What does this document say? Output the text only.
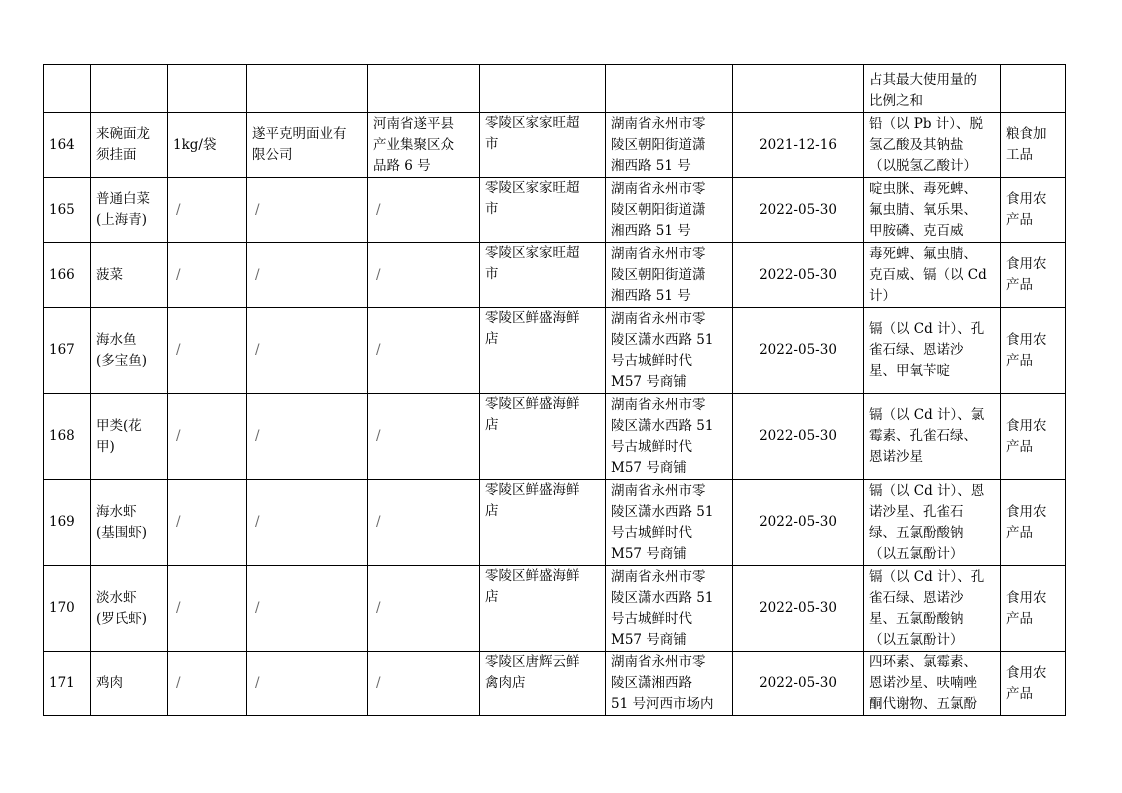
								占其最大使用量的
比例之和	
164	来碗面龙
须挂面	1kg/袋	遂平克明面业有
限公司	河南省遂平县
产业集聚区众
品路 6 号	零陵区家家旺超
市	湖南省永州市零
陵区朝阳街道潇
湘西路 51 号	2021-12-16	铅（以 Pb 计）、脱
氢乙酸及其钠盐
（以脱氢乙酸计）	粮食加
工品
165	普通白菜
(上海青)	/	/	/	零陵区家家旺超
市	湖南省永州市零
陵区朝阳街道潇
湘西路 51 号	2022-05-30	啶虫脒、毒死蜱、
氟虫腈、氧乐果、
甲胺磷、克百威	食用农
产品
166	菠菜	/	/	/	零陵区家家旺超
市	湖南省永州市零
陵区朝阳街道潇
湘西路 51 号	2022-05-30	毒死蜱、氟虫腈、
克百威、镉（以 Cd
计）	食用农
产品
167	海水鱼
(多宝鱼)	/	/	/	零陵区鲜盛海鲜
店	湖南省永州市零
陵区潇水西路 51
号古城鲜时代
M57 号商铺	2022-05-30	镉（以 Cd 计）、孔
雀石绿、恩诺沙
星、甲氧苄啶	食用农
产品
168	甲类(花
甲)	/	/	/	零陵区鲜盛海鲜
店	湖南省永州市零
陵区潇水西路 51
号古城鲜时代
M57 号商铺	2022-05-30	镉（以 Cd 计）、氯
霉素、孔雀石绿、
恩诺沙星	食用农
产品
169	海水虾
(基围虾)	/	/	/	零陵区鲜盛海鲜
店	湖南省永州市零
陵区潇水西路 51
号古城鲜时代
M57 号商铺	2022-05-30	镉（以 Cd 计）、恩
诺沙星、孔雀石
绿、五氯酚酸钠
（以五氯酚计）	食用农
产品
170	淡水虾
(罗氏虾)	/	/	/	零陵区鲜盛海鲜
店	湖南省永州市零
陵区潇水西路 51
号古城鲜时代
M57 号商铺	2022-05-30	镉（以 Cd 计）、孔
雀石绿、恩诺沙
星、五氯酚酸钠
（以五氯酚计）	食用农
产品
171	鸡肉	/	/	/	零陵区唐辉云鲜
禽肉店	湖南省永州市零
陵区潇湘西路
51 号河西市场内	2022-05-30	四环素、氯霉素、
恩诺沙星、呋喃唑
酮代谢物、五氯酚	食用农
产品
